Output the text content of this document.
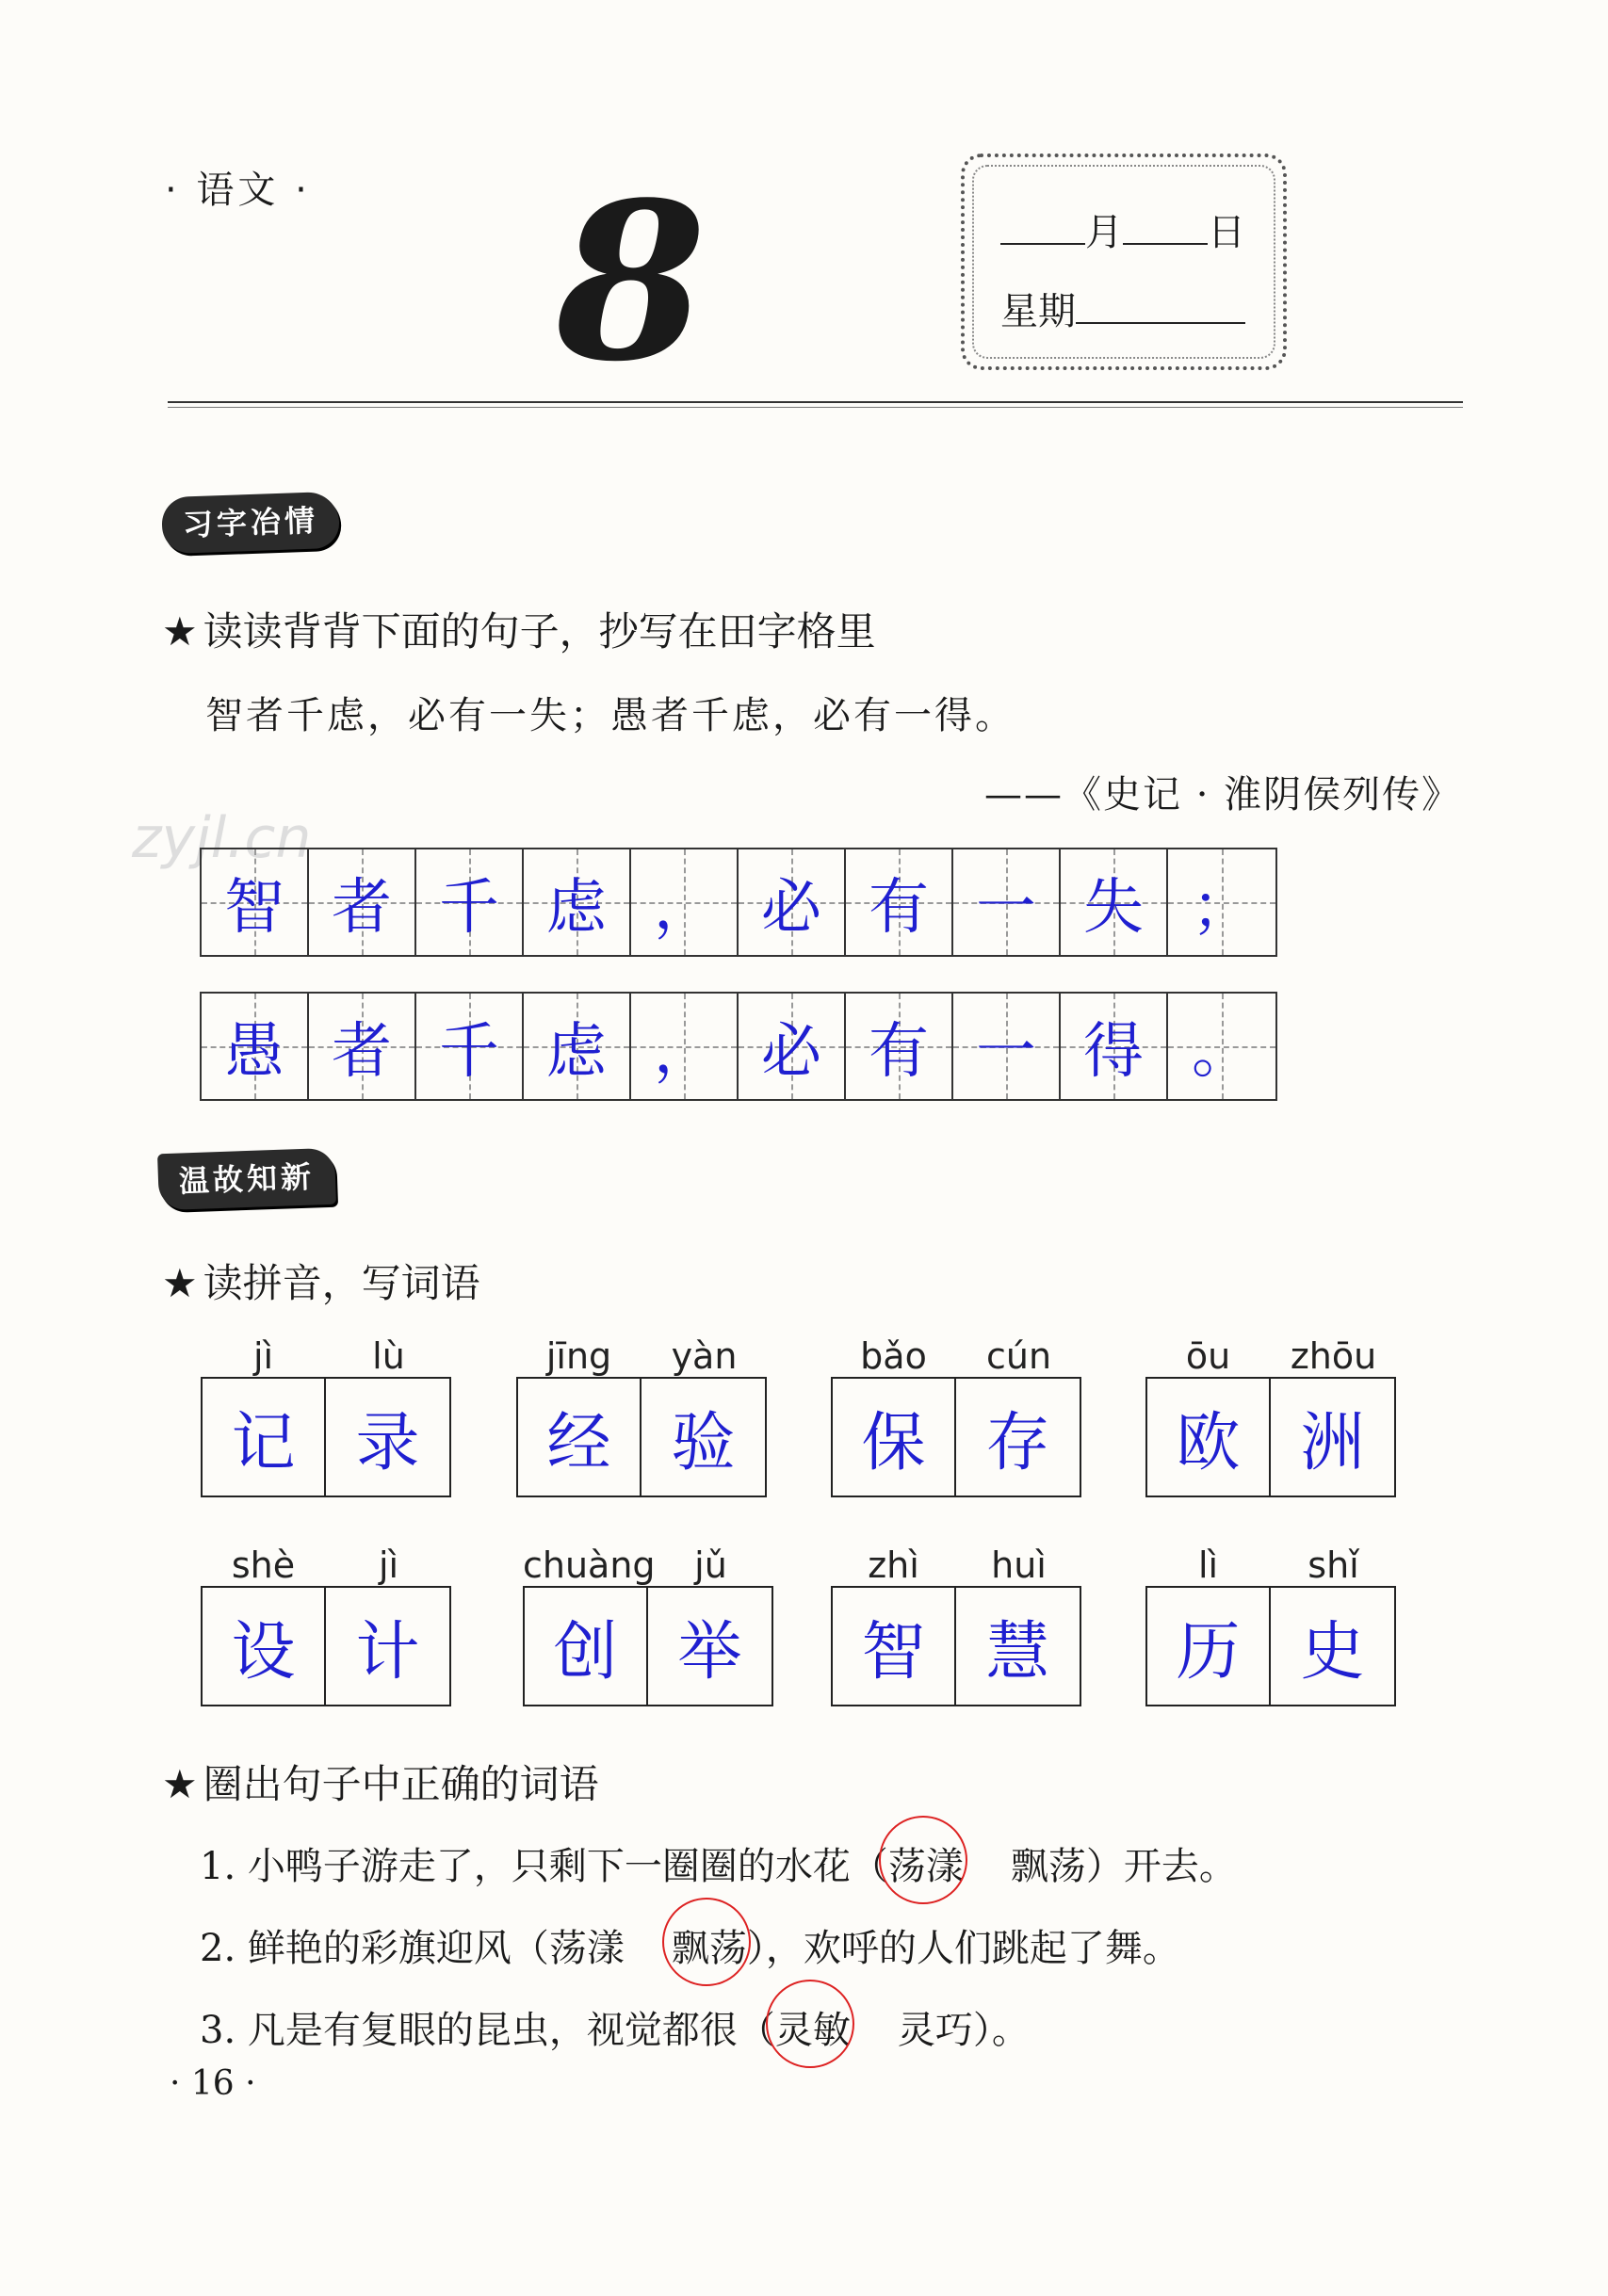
· 语文 · 8	月 日
星期
习字冶情
★ 读读背背下面的句子，抄写在田字格里
智者千虑，必有一失；愚者千虑，必有一得。
——《史记 · 淮阴侯列传》
zyjl.cn
智 者 千 虑 ， 必 有 一 失 ；
愚 者 千 虑 ， 必 有 一 得 。
温故知新
★ 读拼音，写词语
jì	lù
记 录
jīng	yàn
经 验
bǎo	cún
保 存
ōu	zhōu
欧 洲
shè	jì
设 计
chuàng	jǔ
创 举
zhì	huì
智 慧
lì	shǐ
历 史
★ 圈出句子中正确的词语
1. 小鸭子游走了，只剩下一圈圈的水花（荡漾 飘荡）开去。
2. 鲜艳的彩旗迎风（荡漾 飘荡），欢呼的人们跳起了舞。
3. 凡是有复眼的昆虫，视觉都很（灵敏 灵巧）。
· 16 ·
